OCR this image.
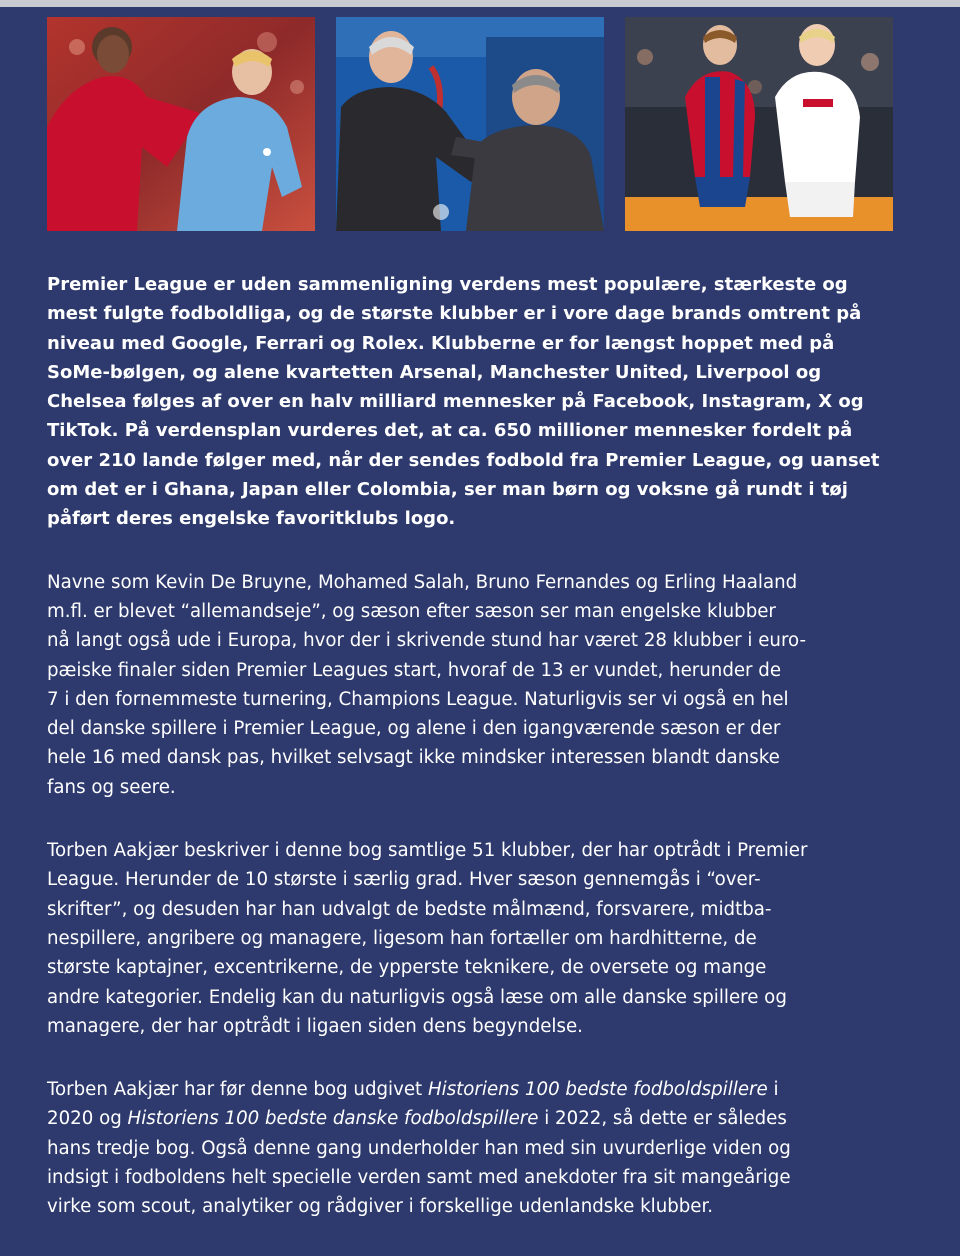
Premier League er uden sammenligning verdens mest populære, stærkeste og
mest fulgte fodboldliga, og de største klubber er i vore dage brands omtrent på
niveau med Google, Ferrari og Rolex. Klubberne er for længst hoppet med på
SoMe-bølgen, og alene kvartetten Arsenal, Manchester United, Liverpool og
Chelsea følges af over en halv milliard mennesker på Facebook, Instagram, X og
TikTok. På verdensplan vurderes det, at ca. 650 millioner mennesker fordelt på
over 210 lande følger med, når der sendes fodbold fra Premier League, og uanset
om det er i Ghana, Japan eller Colombia, ser man børn og voksne gå rundt i tøj
påført deres engelske favoritklubs logo.

Navne som Kevin De Bruyne, Mohamed Salah, Bruno Fernandes og Erling Haaland
m.fl. er blevet “allemandseje”, og sæson efter sæson ser man engelske klubber
nå langt også ude i Europa, hvor der i skrivende stund har været 28 klubber i euro-
pæiske finaler siden Premier Leagues start, hvoraf de 13 er vundet, herunder de
7 i den fornemmeste turnering, Champions League. Naturligvis ser vi også en hel
del danske spillere i Premier League, og alene i den igangværende sæson er der
hele 16 med dansk pas, hvilket selvsagt ikke mindsker interessen blandt danske
fans og seere.

Torben Aakjær beskriver i denne bog samtlige 51 klubber, der har optrådt i Premier
League. Herunder de 10 største i særlig grad. Hver sæson gennemgås i “over-
skrifter”, og desuden har han udvalgt de bedste målmænd, forsvarere, midtba-
nespillere, angribere og managere, ligesom han fortæller om hardhitterne, de
største kaptajner, excentrikerne, de ypperste teknikere, de oversete og mange
andre kategorier. Endelig kan du naturligvis også læse om alle danske spillere og
managere, der har optrådt i ligaen siden dens begyndelse.

Torben Aakjær har før denne bog udgivet Historiens 100 bedste fodboldspillere i
2020 og Historiens 100 bedste danske fodboldspillere i 2022, så dette er således
hans tredje bog. Også denne gang underholder han med sin uvurderlige viden og
indsigt i fodboldens helt specielle verden samt med anekdoter fra sit mangeårige
virke som scout, analytiker og rådgiver i forskellige udenlandske klubber.
